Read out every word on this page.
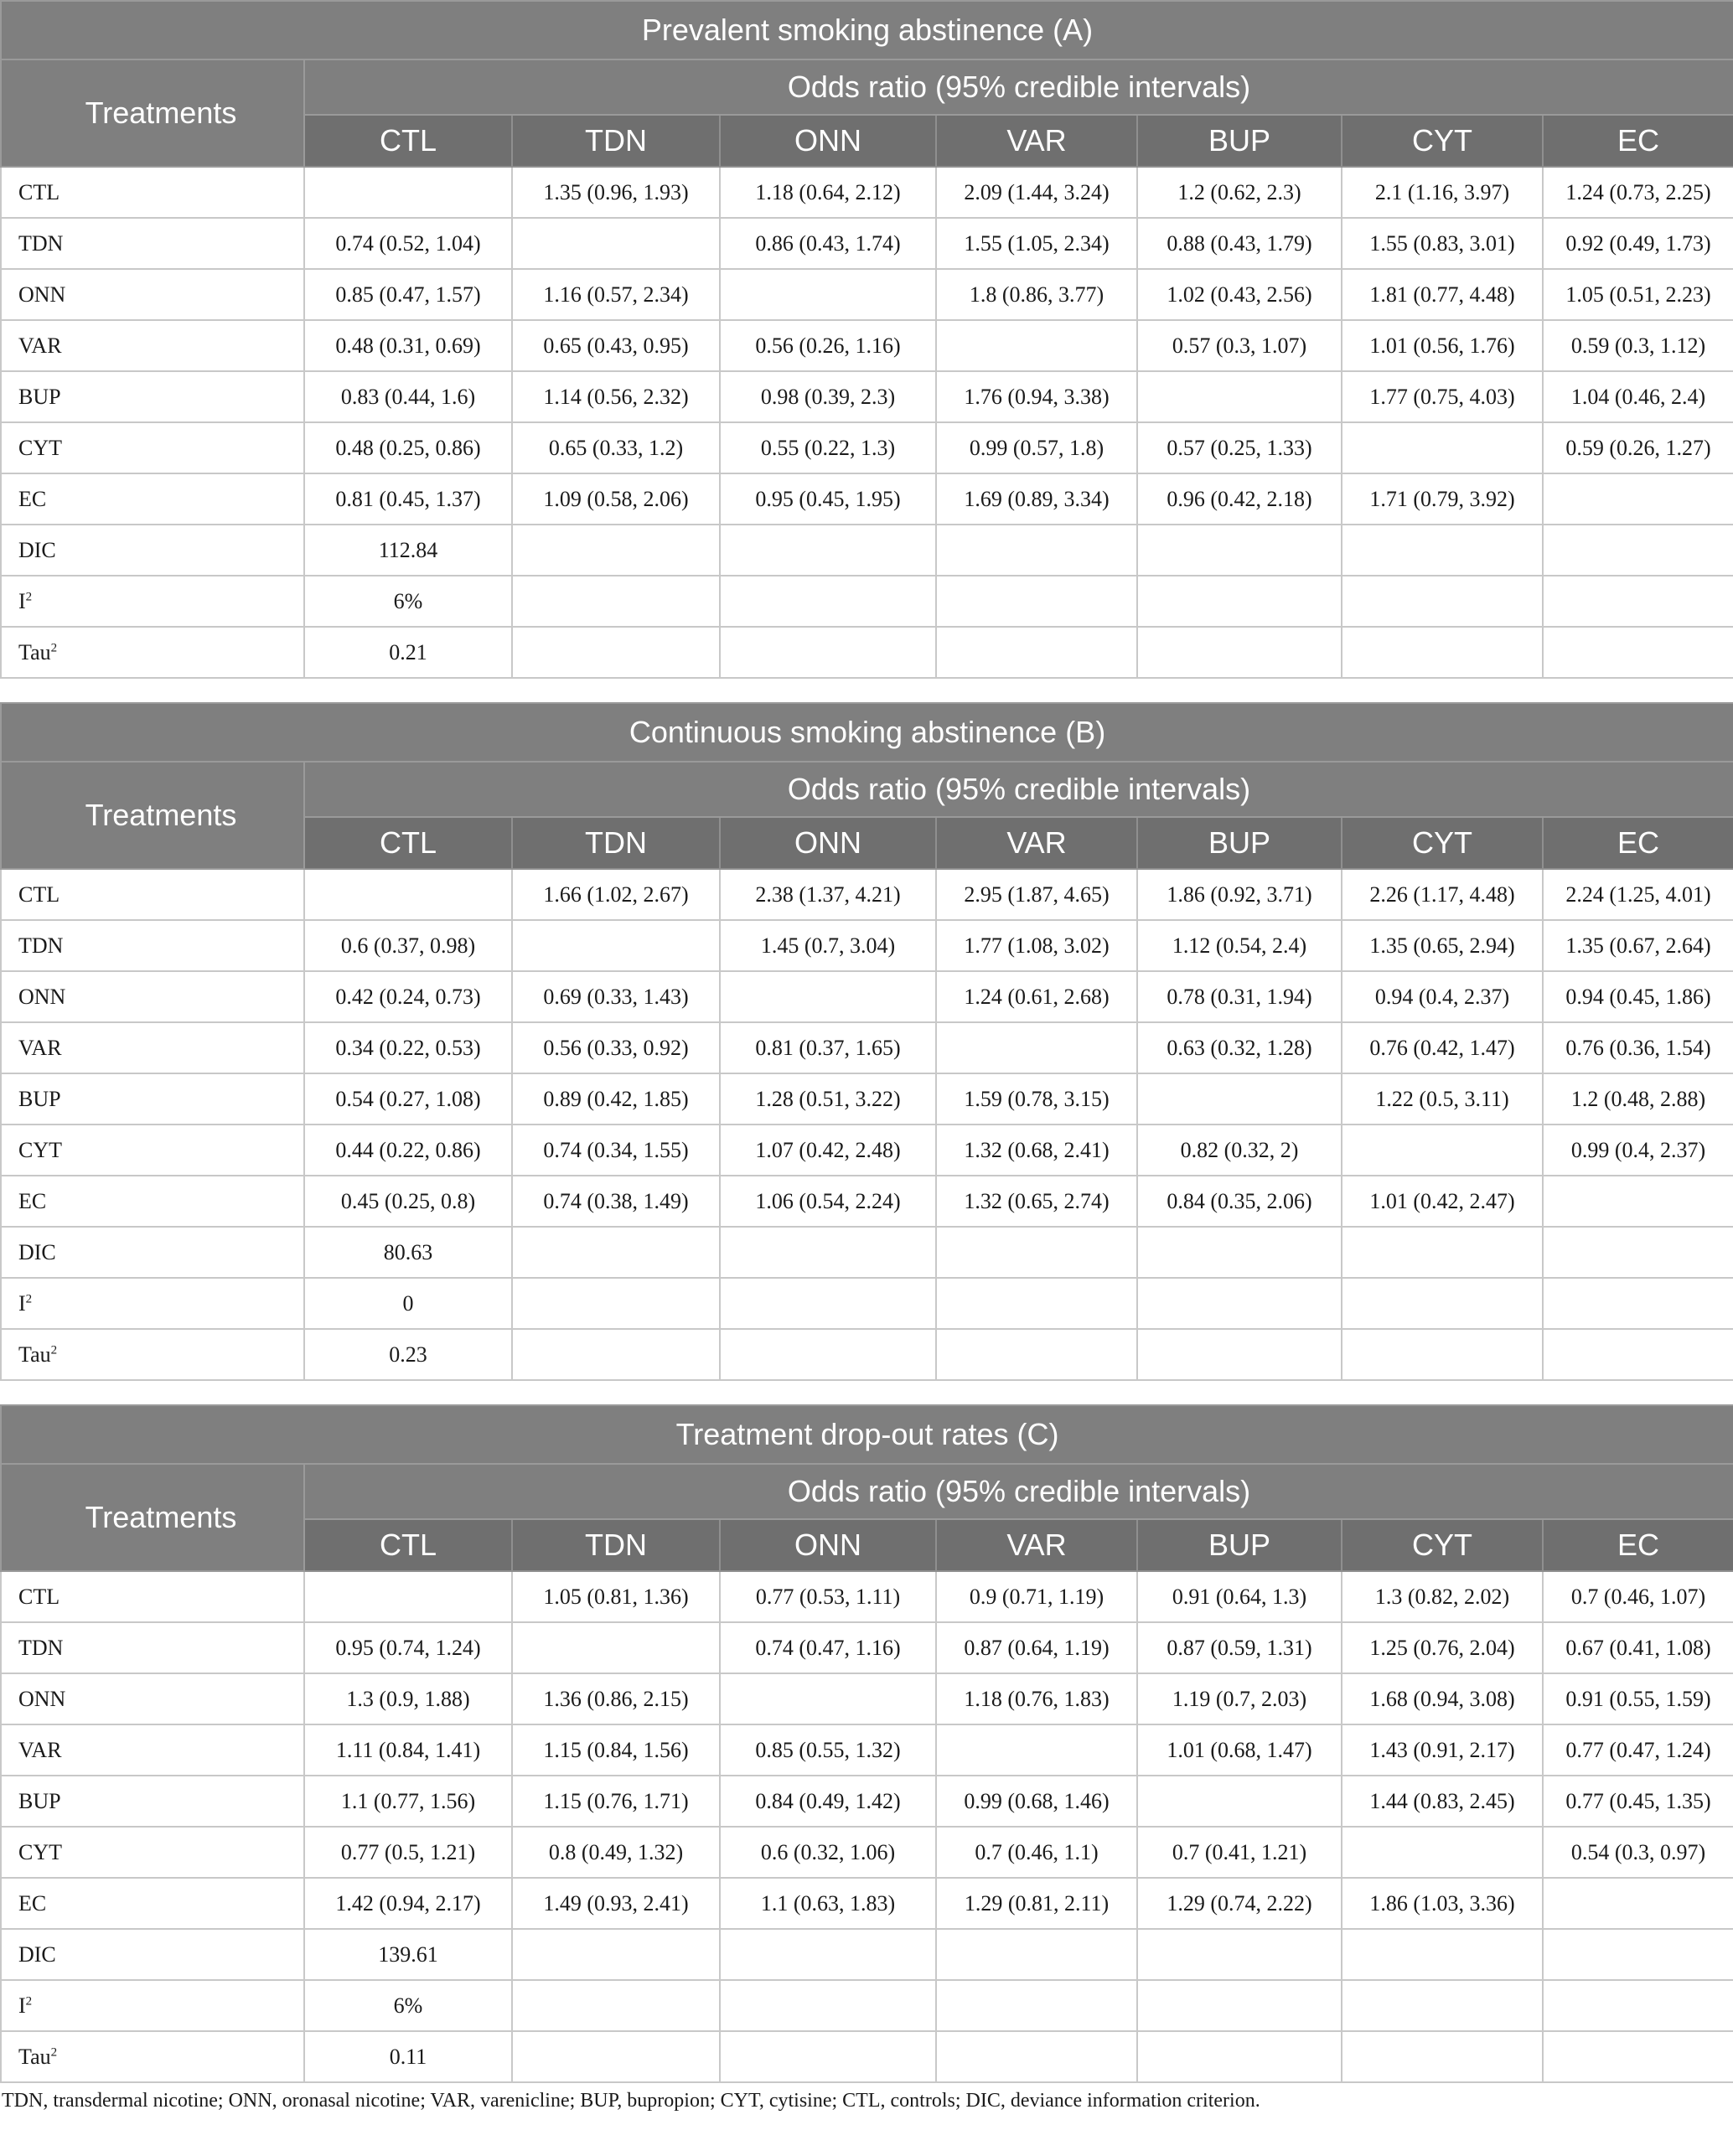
Prevalent smoking abstinence (A)							
Treatments	Odds ratio (95% credible intervals)						
	CTL	TDN	ONN	VAR	BUP	CYT	EC
CTL		1.35 (0.96, 1.93)	1.18 (0.64, 2.12)	2.09 (1.44, 3.24)	1.2 (0.62, 2.3)	2.1 (1.16, 3.97)	1.24 (0.73, 2.25)
TDN	0.74 (0.52, 1.04)		0.86 (0.43, 1.74)	1.55 (1.05, 2.34)	0.88 (0.43, 1.79)	1.55 (0.83, 3.01)	0.92 (0.49, 1.73)
ONN	0.85 (0.47, 1.57)	1.16 (0.57, 2.34)		1.8 (0.86, 3.77)	1.02 (0.43, 2.56)	1.81 (0.77, 4.48)	1.05 (0.51, 2.23)
VAR	0.48 (0.31, 0.69)	0.65 (0.43, 0.95)	0.56 (0.26, 1.16)		0.57 (0.3, 1.07)	1.01 (0.56, 1.76)	0.59 (0.3, 1.12)
BUP	0.83 (0.44, 1.6)	1.14 (0.56, 2.32)	0.98 (0.39, 2.3)	1.76 (0.94, 3.38)		1.77 (0.75, 4.03)	1.04 (0.46, 2.4)
CYT	0.48 (0.25, 0.86)	0.65 (0.33, 1.2)	0.55 (0.22, 1.3)	0.99 (0.57, 1.8)	0.57 (0.25, 1.33)		0.59 (0.26, 1.27)
EC	0.81 (0.45, 1.37)	1.09 (0.58, 2.06)	0.95 (0.45, 1.95)	1.69 (0.89, 3.34)	0.96 (0.42, 2.18)	1.71 (0.79, 3.92)	
DIC	112.84						
$I^2$	6%						
Tau$^2$	0.21						
Continuous smoking abstinence (B)							
Treatments	Odds ratio (95% credible intervals)						
	CTL	TDN	ONN	VAR	BUP	CYT	EC
CTL		1.66 (1.02, 2.67)	2.38 (1.37, 4.21)	2.95 (1.87, 4.65)	1.86 (0.92, 3.71)	2.26 (1.17, 4.48)	2.24 (1.25, 4.01)
TDN	0.6 (0.37, 0.98)		1.45 (0.7, 3.04)	1.77 (1.08, 3.02)	1.12 (0.54, 2.4)	1.35 (0.65, 2.94)	1.35 (0.67, 2.64)
ONN	0.42 (0.24, 0.73)	0.69 (0.33, 1.43)		1.24 (0.61, 2.68)	0.78 (0.31, 1.94)	0.94 (0.4, 2.37)	0.94 (0.45, 1.86)
VAR	0.34 (0.22, 0.53)	0.56 (0.33, 0.92)	0.81 (0.37, 1.65)		0.63 (0.32, 1.28)	0.76 (0.42, 1.47)	0.76 (0.36, 1.54)
BUP	0.54 (0.27, 1.08)	0.89 (0.42, 1.85)	1.28 (0.51, 3.22)	1.59 (0.78, 3.15)		1.22 (0.5, 3.11)	1.2 (0.48, 2.88)
CYT	0.44 (0.22, 0.86)	0.74 (0.34, 1.55)	1.07 (0.42, 2.48)	1.32 (0.68, 2.41)	0.82 (0.32, 2)		0.99 (0.4, 2.37)
EC	0.45 (0.25, 0.8)	0.74 (0.38, 1.49)	1.06 (0.54, 2.24)	1.32 (0.65, 2.74)	0.84 (0.35, 2.06)	1.01 (0.42, 2.47)	
DIC	80.63						
$I^2$	0						
Tau$^2$	0.23						
Treatment drop-out rates (C)							
Treatments	Odds ratio (95% credible intervals)						
	CTL	TDN	ONN	VAR	BUP	CYT	EC
CTL		1.05 (0.81, 1.36)	0.77 (0.53, 1.11)	0.9 (0.71, 1.19)	0.91 (0.64, 1.3)	1.3 (0.82, 2.02)	0.7 (0.46, 1.07)
TDN	0.95 (0.74, 1.24)		0.74 (0.47, 1.16)	0.87 (0.64, 1.19)	0.87 (0.59, 1.31)	1.25 (0.76, 2.04)	0.67 (0.41, 1.08)
ONN	1.3 (0.9, 1.88)	1.36 (0.86, 2.15)		1.18 (0.76, 1.83)	1.19 (0.7, 2.03)	1.68 (0.94, 3.08)	0.91 (0.55, 1.59)
VAR	1.11 (0.84, 1.41)	1.15 (0.84, 1.56)	0.85 (0.55, 1.32)		1.01 (0.68, 1.47)	1.43 (0.91, 2.17)	0.77 (0.47, 1.24)
BUP	1.1 (0.77, 1.56)	1.15 (0.76, 1.71)	0.84 (0.49, 1.42)	0.99 (0.68, 1.46)		1.44 (0.83, 2.45)	0.77 (0.45, 1.35)
CYT	0.77 (0.5, 1.21)	0.8 (0.49, 1.32)	0.6 (0.32, 1.06)	0.7 (0.46, 1.1)	0.7 (0.41, 1.21)		0.54 (0.3, 0.97)
EC	1.42 (0.94, 2.17)	1.49 (0.93, 2.41)	1.1 (0.63, 1.83)	1.29 (0.81, 2.11)	1.29 (0.74, 2.22)	1.86 (1.03, 3.36)	
DIC	139.61						
$I^2$	6%						
Tau$^2$	0.11						
TDN, transdermal nicotine; ONN, oronasal nicotine; VAR, varenicline; BUP, bupropion; CYT, cytisine; CTL, controls; DIC, deviance information criterion.
